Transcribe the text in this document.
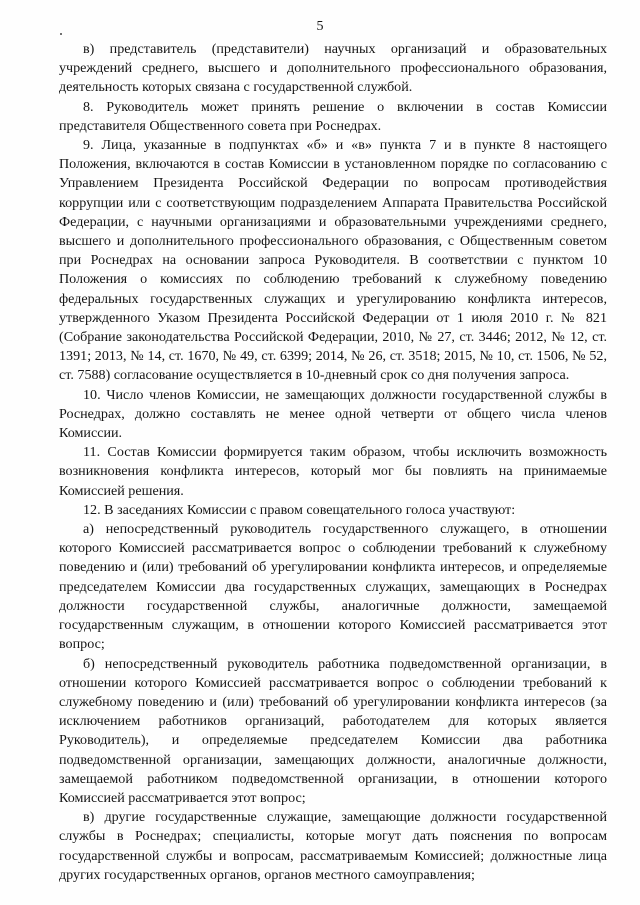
5

в) представитель (представители) научных организаций и образовательных учреждений среднего, высшего и дополнительного профессионального образования, деятельность которых связана с государственной службой.

8. Руководитель может принять решение о включении в состав Комиссии представителя Общественного совета при Роснедрах.

9. Лица, указанные в подпунктах «б» и «в» пункта 7 и в пункте 8 настоящего Положения, включаются в состав Комиссии в установленном порядке по согласованию с Управлением Президента Российской Федерации по вопросам противодействия коррупции или с соответствующим подразделением Аппарата Правительства Российской Федерации, с научными организациями и образовательными учреждениями среднего, высшего и дополнительного профессионального образования, с Общественным советом при Роснедрах на основании запроса Руководителя. В соответствии с пунктом 10 Положения о комиссиях по соблюдению требований к служебному поведению федеральных государственных служащих и урегулированию конфликта интересов, утвержденного Указом Президента Российской Федерации от 1 июля 2010 г. № 821 (Собрание законодательства Российской Федерации, 2010, № 27, ст. 3446; 2012, № 12, ст. 1391; 2013, № 14, ст. 1670, № 49, ст. 6399; 2014, № 26, ст. 3518; 2015, № 10, ст. 1506, № 52, ст. 7588) согласование осуществляется в 10-дневный срок со дня получения запроса.

10. Число членов Комиссии, не замещающих должности государственной службы в Роснедрах, должно составлять не менее одной четверти от общего числа членов Комиссии.

11. Состав Комиссии формируется таким образом, чтобы исключить возможность возникновения конфликта интересов, который мог бы повлиять на принимаемые Комиссией решения.

12. В заседаниях Комиссии с правом совещательного голоса участвуют:

а) непосредственный руководитель государственного служащего, в отношении которого Комиссией рассматривается вопрос о соблюдении требований к служебному поведению и (или) требований об урегулировании конфликта интересов, и определяемые председателем Комиссии два государственных служащих, замещающих в Роснедрах должности государственной службы, аналогичные должности, замещаемой государственным служащим, в отношении которого Комиссией рассматривается этот вопрос;

б) непосредственный руководитель работника подведомственной организации, в отношении которого Комиссией рассматривается вопрос о соблюдении требований к служебному поведению и (или) требований об урегулировании конфликта интересов (за исключением работников организаций, работодателем для которых является Руководитель), и определяемые председателем Комиссии два работника подведомственной организации, замещающих должности, аналогичные должности, замещаемой работником подведомственной организации, в отношении которого Комиссией рассматривается этот вопрос;

в) другие государственные служащие, замещающие должности государственной службы в Роснедрах; специалисты, которые могут дать пояснения по вопросам государственной службы и вопросам, рассматриваемым Комиссией; должностные лица других государственных органов, органов местного самоуправления;
